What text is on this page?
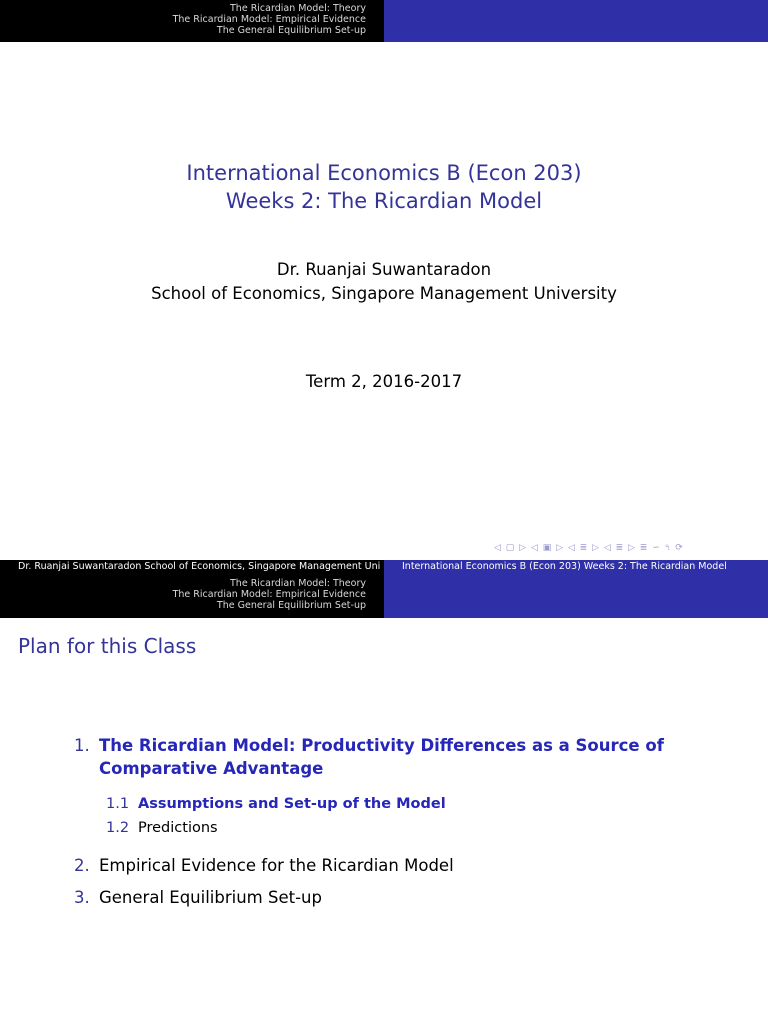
The Ricardian Model: Theory
The Ricardian Model: Empirical Evidence
The General Equilibrium Set-up
International Economics B (Econ 203)
Weeks 2: The Ricardian Model
Dr. Ruanjai Suwantaradon
School of Economics, Singapore Management University
Term 2, 2016-2017
◁ ▢ ▷ ◁ ▣ ▷ ◁ ≣ ▷ ◁ ≣ ▷ ≣ ∽ ৭ ⟳
Dr. Ruanjai Suwantaradon School of Economics, Singapore Management Uni	International Economics B (Econ 203) Weeks 2: The Ricardian Model
The Ricardian Model: Theory
The Ricardian Model: Empirical Evidence
The General Equilibrium Set-up
Plan for this Class
1. The Ricardian Model: Productivity Differences as a Source of
Comparative Advantage
1.1 Assumptions and Set-up of the Model
1.2 Predictions
2. Empirical Evidence for the Ricardian Model
3. General Equilibrium Set-up
